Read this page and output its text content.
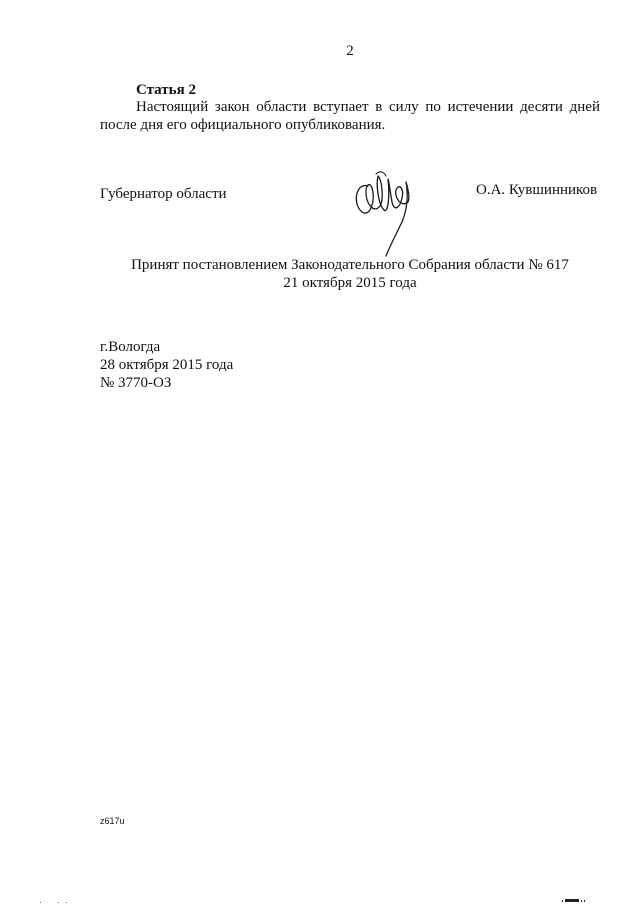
2
Статья 2

Настоящий закон области вступает в силу по истечении десяти дней после дня его официального опубликования.

Губернатор области	О.А. Кувшинников
Принят постановлением Законодательного Собрания области № 617
21 октября 2015 года
г.Вологда
28 октября 2015 года
№ 3770-ОЗ
z617u
